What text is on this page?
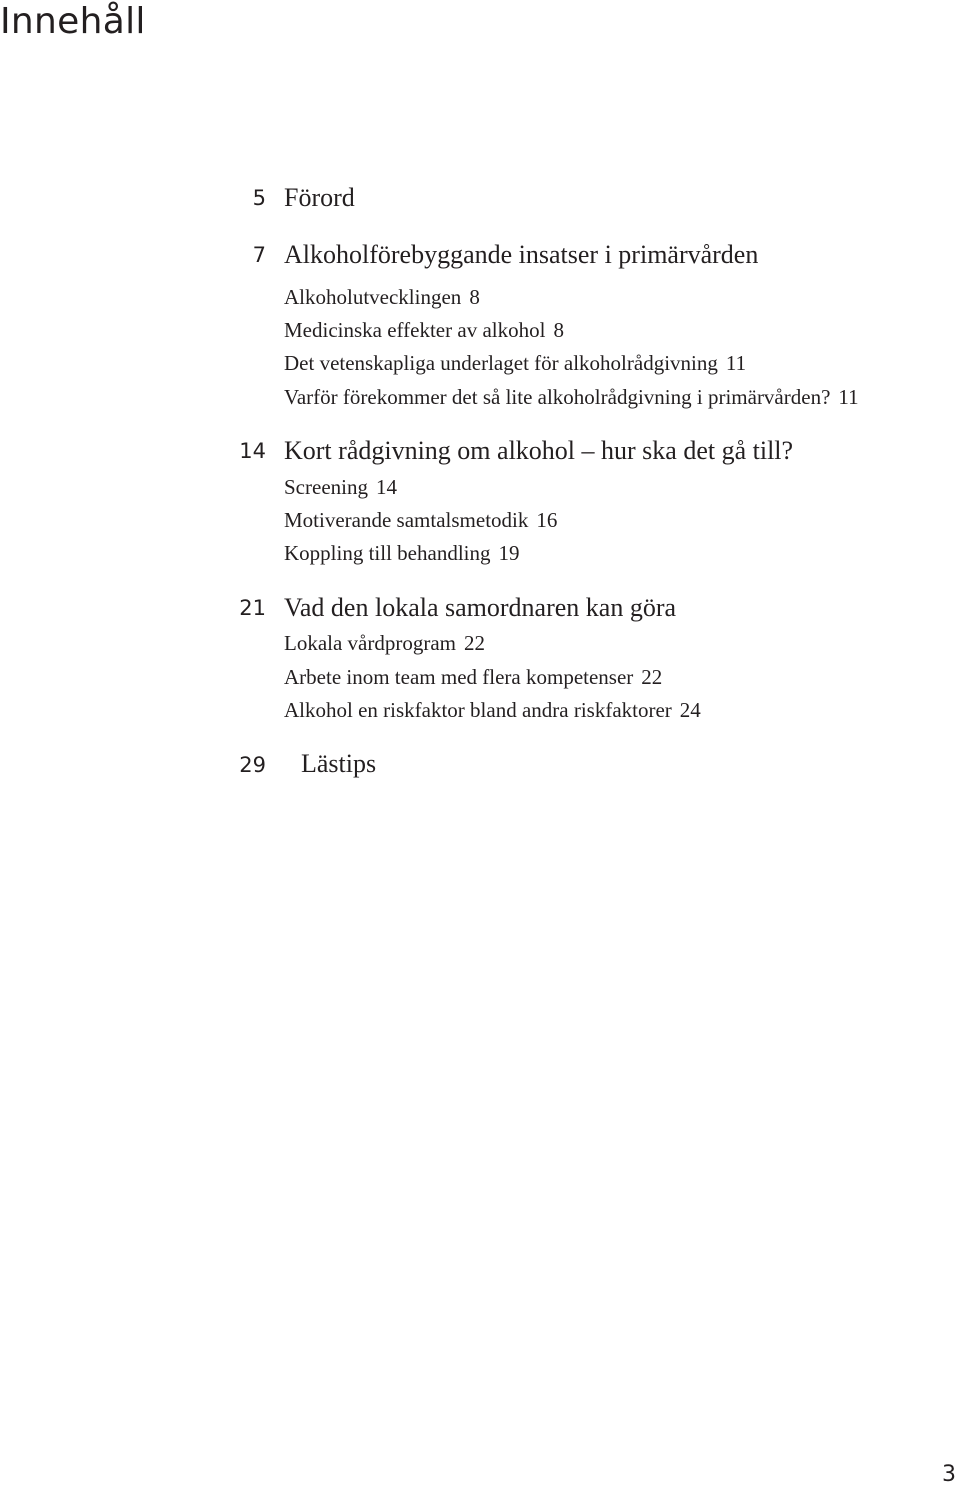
Innehåll
5 Förord
7 Alkoholförebyggande insatser i primärvården
Alkoholutvecklingen 8
Medicinska effekter av alkohol 8
Det vetenskapliga underlaget för alkoholrådgivning 11
Varför förekommer det så lite alkoholrådgivning i primärvården? 11
14 Kort rådgivning om alkohol – hur ska det gå till?
Screening 14
Motiverande samtalsmetodik 16
Koppling till behandling 19
21 Vad den lokala samordnaren kan göra
Lokala vårdprogram 22
Arbete inom team med flera kompetenser 22
Alkohol en riskfaktor bland andra riskfaktorer 24
29 Lästips
3
